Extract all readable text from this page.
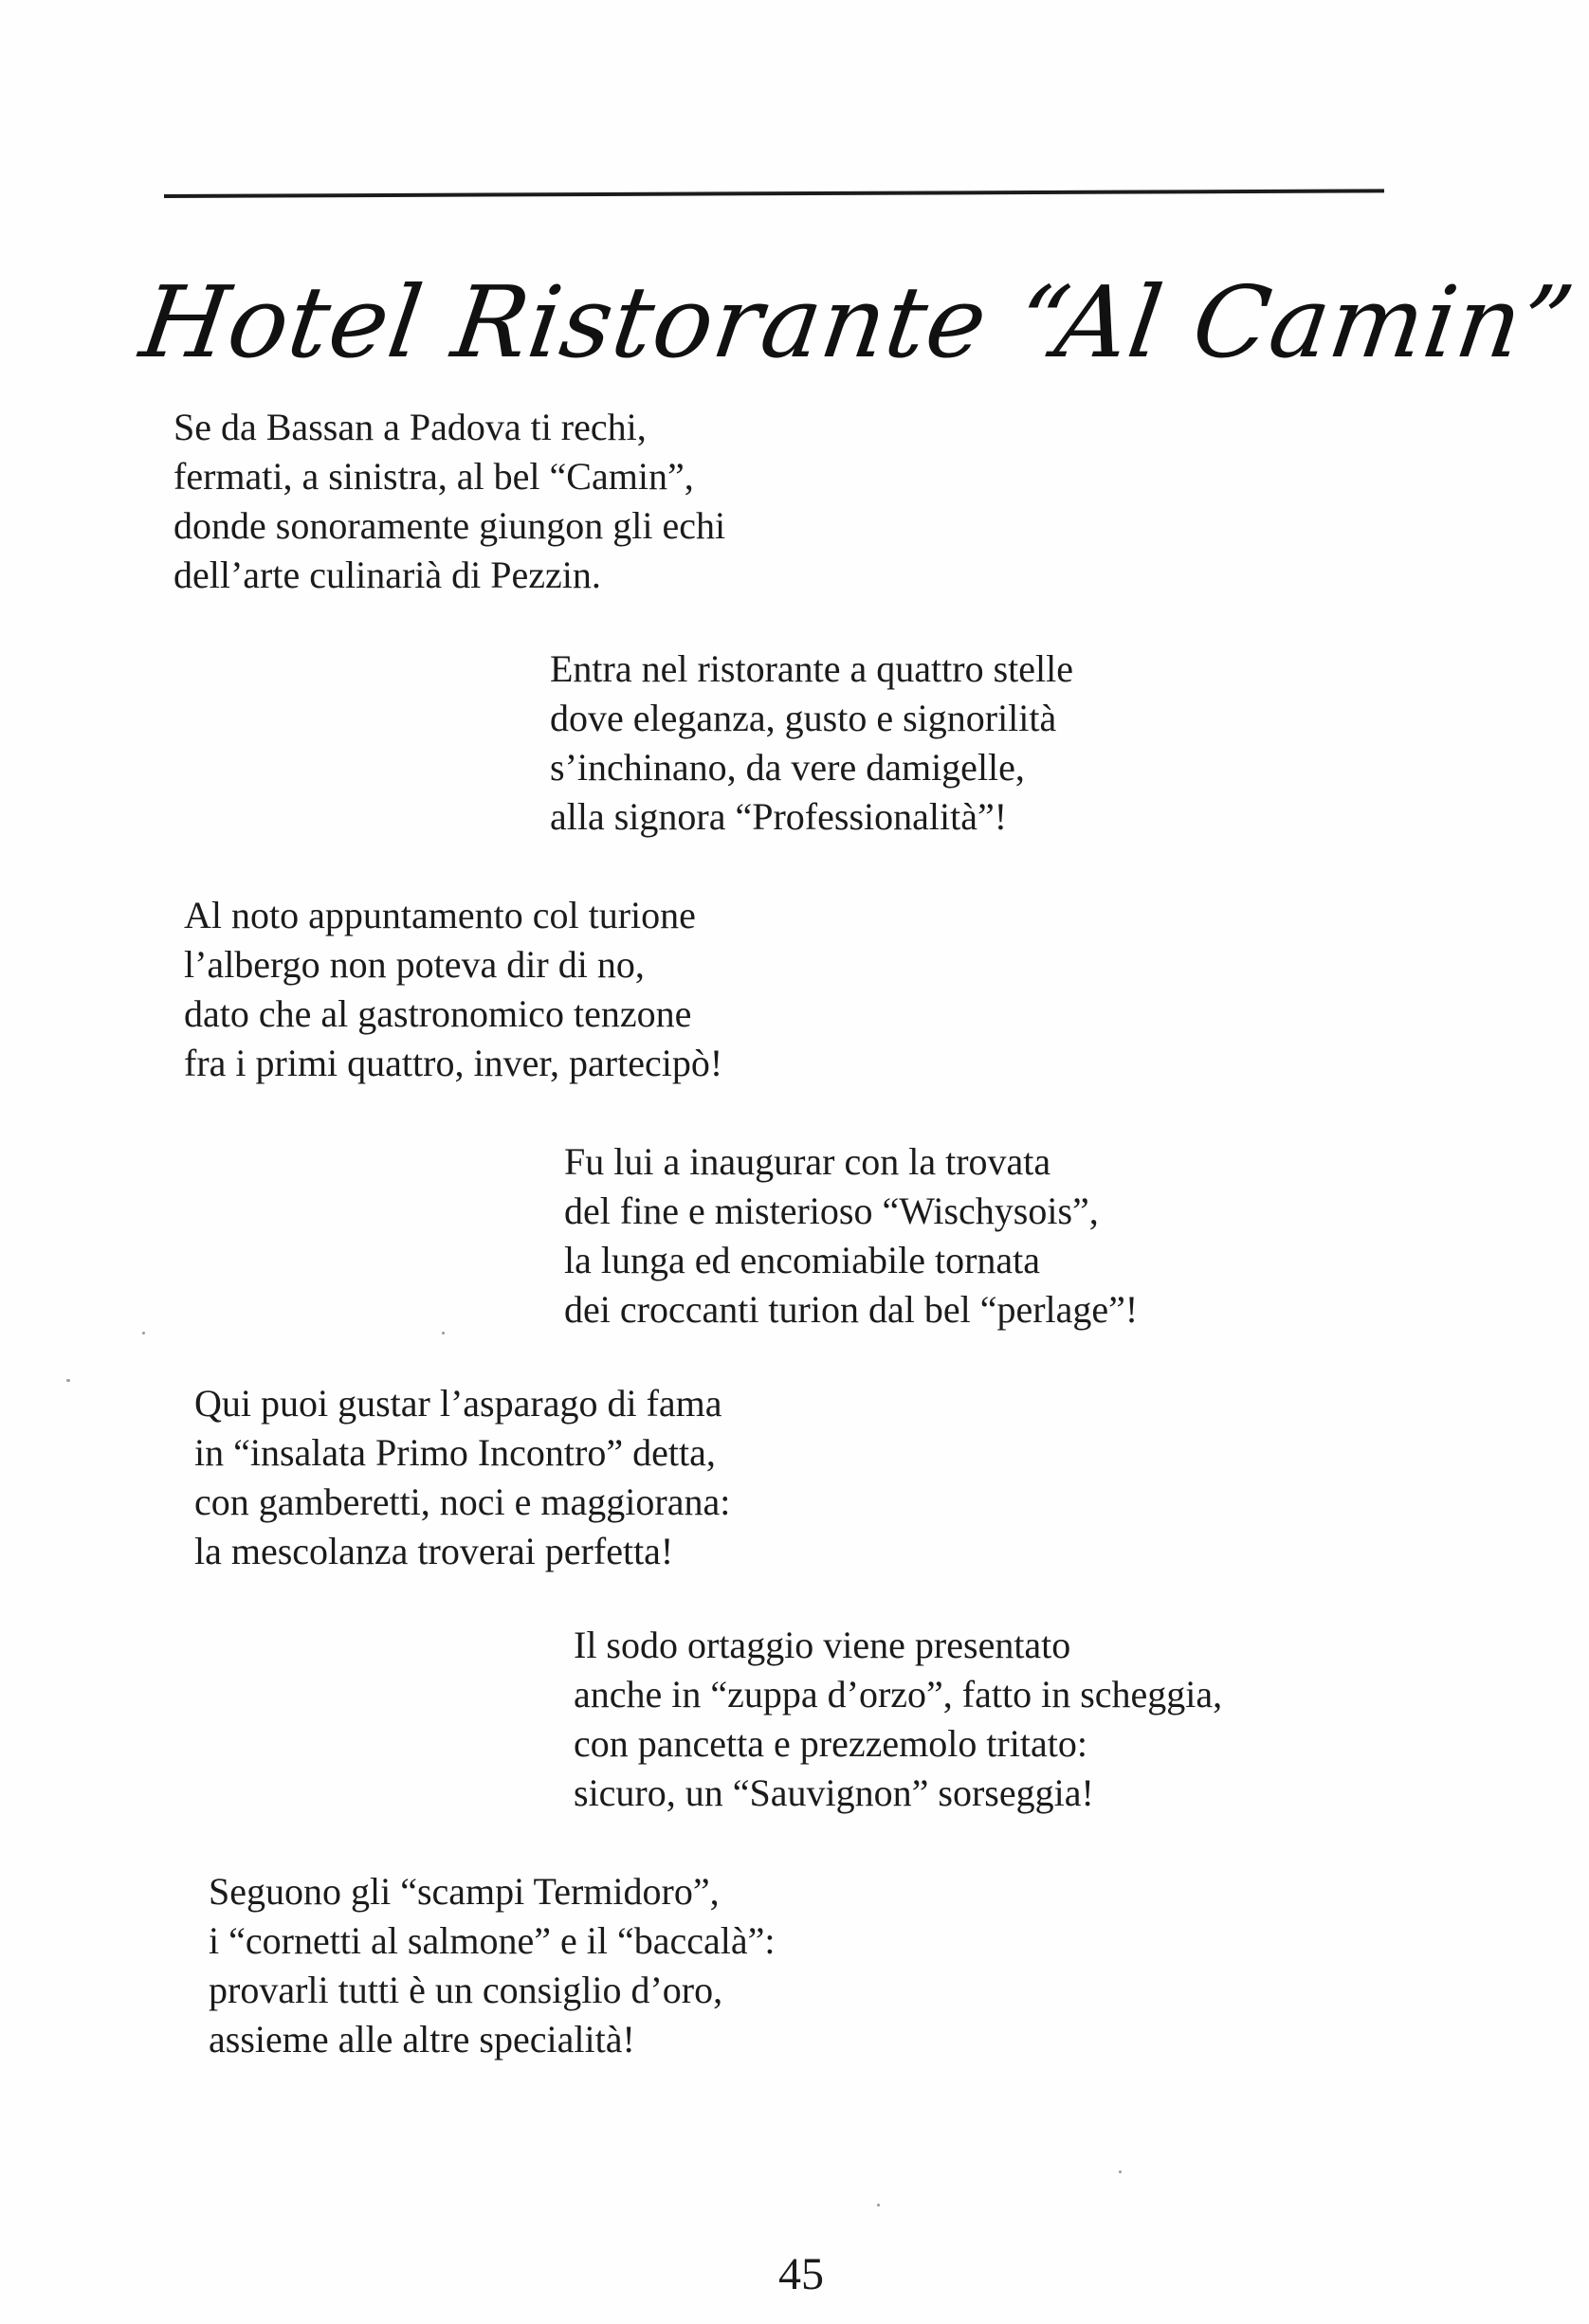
Hotel Ristorante “Al Camin”
Se da Bassan a Padova ti rechi,
fermati, a sinistra, al bel “Camin”,
donde sonoramente giungon gli echi
dell’arte culinarià di Pezzin.
Entra nel ristorante a quattro stelle
dove eleganza, gusto e signorilità
s’inchinano, da vere damigelle,
alla signora “Professionalità”!
Al noto appuntamento col turione
l’albergo non poteva dir di no,
dato che al gastronomico tenzone
fra i primi quattro, inver, partecipò!
Fu lui a inaugurar con la trovata
del fine e misterioso “Wischysois”,
la lunga ed encomiabile tornata
dei croccanti turion dal bel “perlage”!
Qui puoi gustar l’asparago di fama
in “insalata Primo Incontro” detta,
con gamberetti, noci e maggiorana:
la mescolanza troverai perfetta!
Il sodo ortaggio viene presentato
anche in “zuppa d’orzo”, fatto in scheggia,
con pancetta e prezzemolo tritato:
sicuro, un “Sauvignon” sorseggia!
Seguono gli “scampi Termidoro”,
i “cornetti al salmone” e il “baccalà”:
provarli tutti è un consiglio d’oro,
assieme alle altre specialità!
45
